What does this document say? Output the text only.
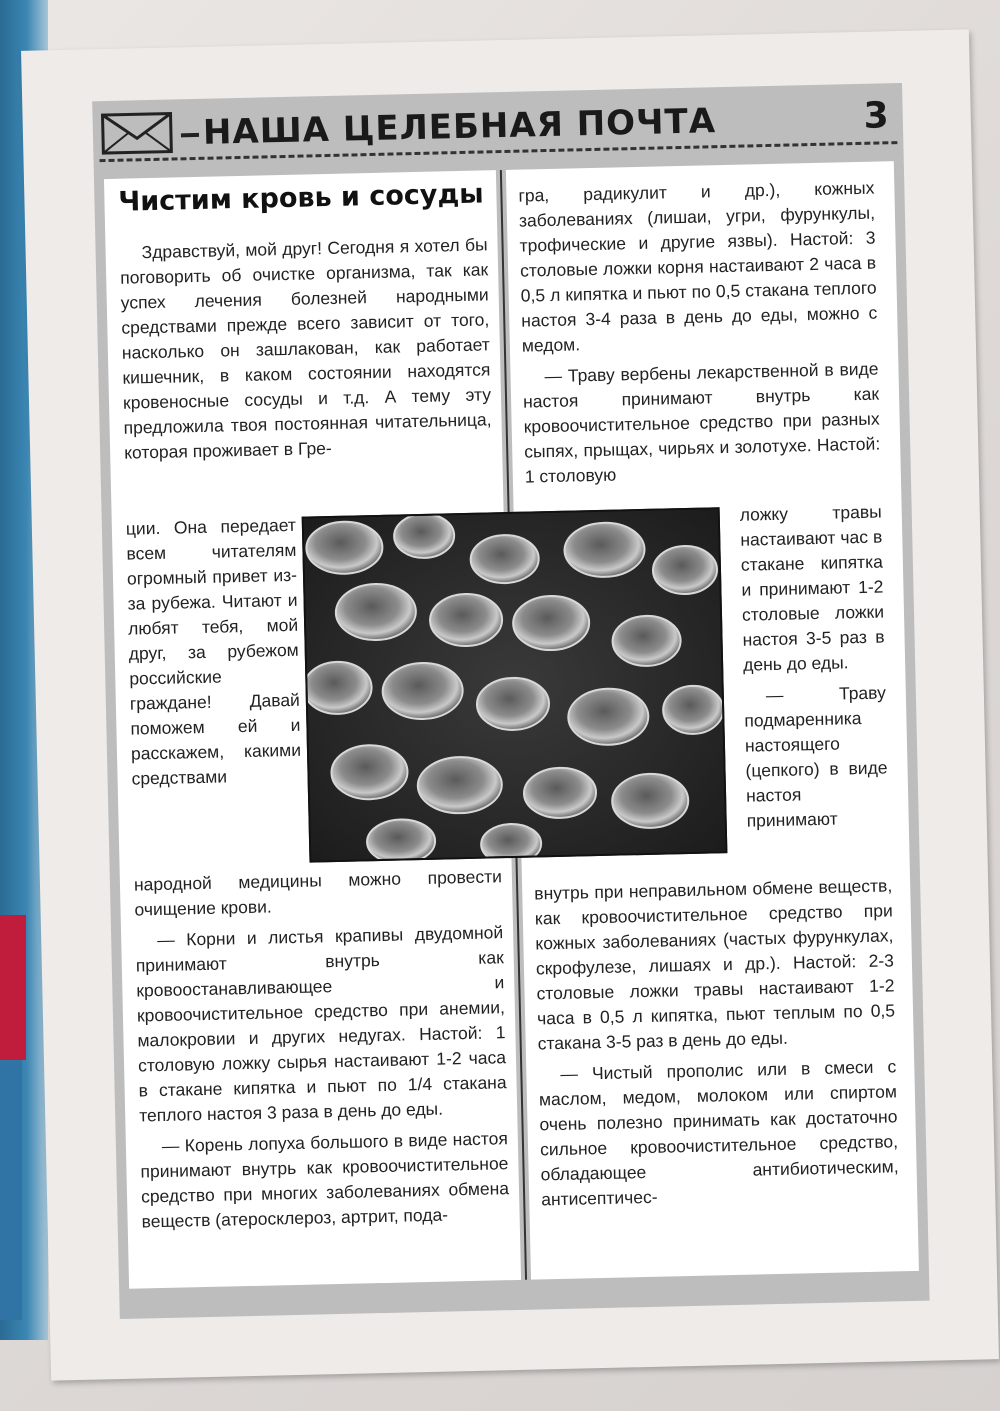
НАША ЦЕЛЕБНАЯ ПОЧТА	3
Чистим кровь и сосуды

Здравствуй, мой друг! Сегодня я хотел бы поговорить об очистке организма, так как успех лечения болезней народными средствами прежде всего зависит от того, насколько он зашлакован, как работает кишечник, в каком состоянии находятся кровеносные сосуды и т.д. А тему эту предложила твоя постоянная читательница, которая проживает в Гре-

ции. Она передает всем читателям огромный привет из-за рубежа. Читают и любят тебя, мой друг, за рубежом российские граждане! Давай поможем ей и расскажем, какими средствами

народной медицины можно провести очищение крови.

— Корни и листья крапивы двудомной принимают внутрь как кровоостанавливающее и кровоочистительное средство при анемии, малокровии и других недугах. Настой: 1 столовую ложку сырья настаивают 1-2 часа в стакане кипятка и пьют по 1/4 стакана теплого настоя 3 раза в день до еды.

— Корень лопуха большого в виде настоя принимают внутрь как кровоочистительное средство при многих заболеваниях обмена веществ (атеросклероз, артрит, пода-

гра, радикулит и др.), кожных заболеваниях (лишаи, угри, фурункулы, трофические и другие язвы). Настой: 3 столовые ложки корня настаивают 2 часа в 0,5 л кипятка и пьют по 0,5 стакана теплого настоя 3-4 раза в день до еды, можно с медом.

— Траву вербены лекарственной в виде настоя принимают внутрь как кровоочистительное средство при разных сыпях, прыщах, чирьях и золотухе. Настой: 1 столовую

ложку травы настаивают час в стакане кипятка и принимают 1-2 столовые ложки настоя 3-5 раз в день до еды.

— Траву подмаренника настоящего (цепкого) в виде настоя принимают

внутрь при неправильном обмене веществ, как кровоочистительное средство при кожных заболеваниях (частых фурункулах, скрофулезе, лишаях и др.). Настой: 2-3 столовые ложки травы настаивают 1-2 часа в 0,5 л кипятка, пьют теплым по 0,5 стакана 3-5 раз в день до еды.

— Чистый прополис или в смеси с маслом, медом, молоком или спиртом очень полезно принимать как достаточно сильное кровоочистительное средство, обладающее антибиотическим, антисептичес-
